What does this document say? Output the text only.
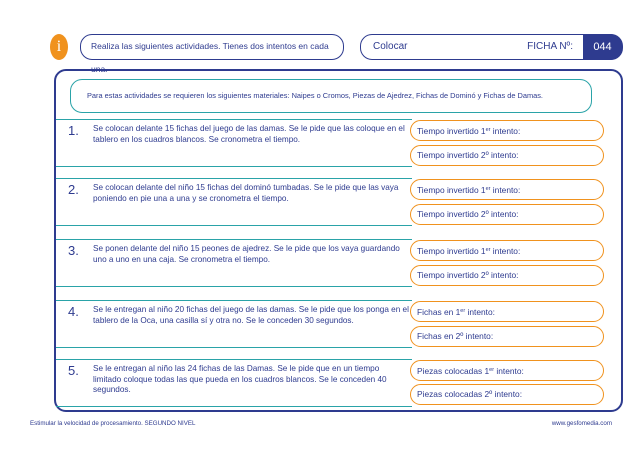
i	Realiza las siguientes actividades. Tienes dos intentos en cada una.
Colocar	FICHA Nº:	044
Para estas actividades se requieren los siguientes materiales: Naipes o Cromos, Piezas de Ajedrez, Fichas de Dominó y Fichas de Damas.
1. Se colocan delante 15 fichas del juego de las damas. Se le pide que las coloque en el tablero en los cuadros blancos. Se cronometra el tiempo.
Tiempo invertido 1er intento:
Tiempo invertido 2º intento:
2. Se colocan delante del niño 15 fichas del dominó tumbadas. Se le pide que las vaya poniendo en pie una a una y se cronometra el tiempo.
Tiempo invertido 1er intento:
Tiempo invertido 2º intento:
3. Se ponen delante del niño 15 peones de ajedrez. Se le pide que los vaya guardando uno a uno en una caja. Se cronometra el tiempo.
Tiempo invertido 1er intento:
Tiempo invertido 2º intento:
4. Se le entregan al niño 20 fichas del juego de las damas. Se le pide que los ponga en el tablero de la Oca, una casilla sí y otra no. Se le conceden 30 segundos.
Fichas en 1er intento:
Fichas en 2º intento:
5. Se le entregan al niño las 24 fichas de las Damas. Se le pide que en un tiempo limitado coloque todas las que pueda en los cuadros blancos. Se le conceden 40 segundos.
Piezas colocadas 1er intento:
Piezas colocadas 2º intento:
Estimular la velocidad de procesamiento. SEGUNDO NIVEL	www.gesfomedia.com
